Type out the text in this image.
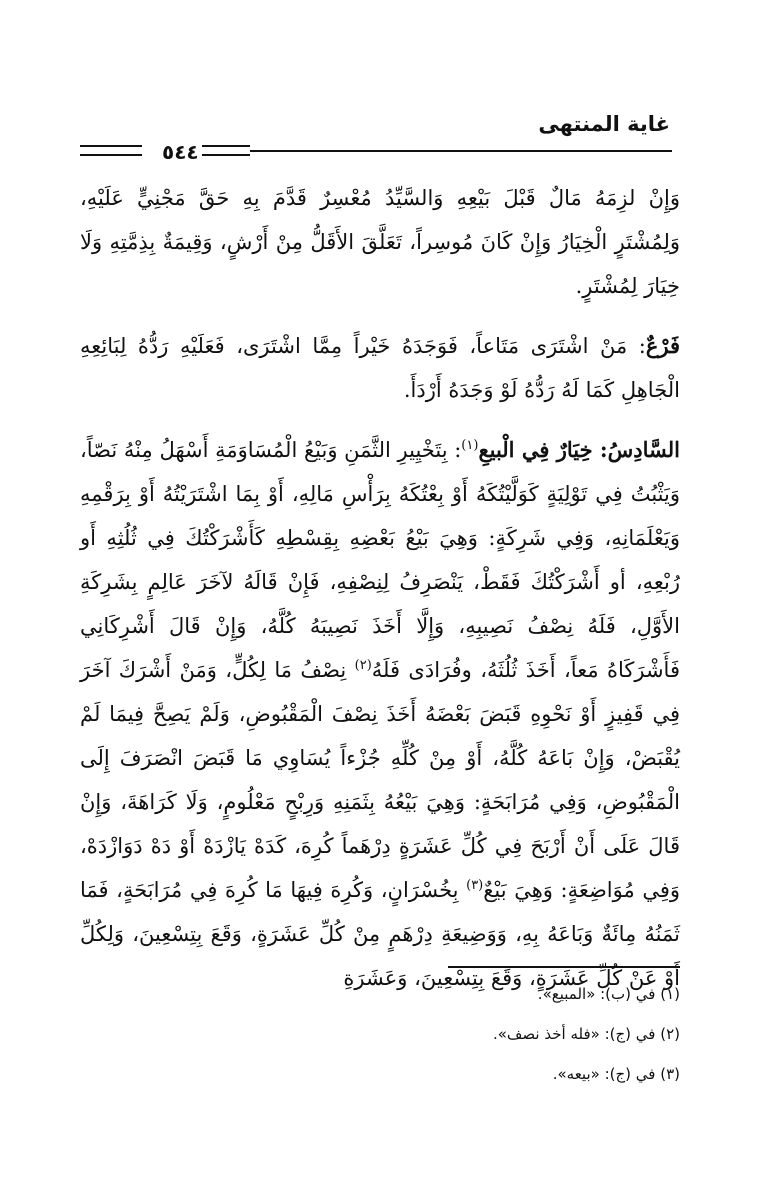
غاية المنتهى
٥٤٤

وَإِنْ لزِمَهُ مَالٌ قَبْلَ بَيْعِهِ وَالسَّيِّدُ مُعْسِرٌ قَدَّمَ بِهِ حَقَّ مَجْنِيٍّ عَلَيْهِ، وَلِمُشْتَرٍ الْخِيَارُ وَإِنْ كَانَ مُوسِراً، تَعَلَّقَ الأَقَلُّ مِنْ أَرْشٍ، وَقِيمَةٌ بِذِمَّتِهِ وَلَا خِيَارَ لِمُشْتَرٍ.

فَرْعٌ: مَنْ اشْتَرَى مَتَاعاً، فَوَجَدَهُ خَيْراً مِمَّا اشْتَرَى، فَعَلَيْهِ رَدُّهُ لِبَائِعِهِ الْجَاهِلِ كَمَا لَهُ رَدُّهُ لَوْ وَجَدَهُ أَرْدَأَ.

السَّادِسُ: خِيَارٌ فِي الْبيعِ$^{(١)}$: بِتَخْيِيرِ الثَّمَنِ وَبَيْعُ الْمُسَاوَمَةِ أَسْهَلُ مِنْهُ نَصّاً، وَيَثْبُتُ فِي تَوْلِيَةٍ كَوَلَّيْتُكَهُ أَوْ بِعْتُكَهُ بِرَأْسِ مَالِهِ، أَوْ بِمَا اشْتَرَيْتُهُ أَوْ بِرَقْمِهِ وَيَعْلَمَانِهِ، وَفِي شَرِكَةٍ: وَهِيَ بَيْعُ بَعْضِهِ بِقِسْطِهِ كَأَشْرَكْتُكَ فِي ثُلُثِهِ أَو رُبْعِهِ، أو أَشْرَكْتُكَ فَقَطْ، يَنْصَرِفُ لِنِصْفِهِ، فَإِنْ قَالَهُ لآخَرَ عَالِمٍ بِشَرِكَةِ الأَوَّلِ، فَلَهُ نِصْفُ نَصِيبِهِ، وَإِلَّا أَخَذَ نَصِيبَهُ كُلَّهُ، وَإِنْ قَالَ أَشْرِكَانِي فَأَشْرَكَاهُ مَعاً، أَخَذَ ثُلُثَهُ، وفُرَادَى فَلَهُ$^{(٢)}$ نِصْفُ مَا لِكُلٍّ، وَمَنْ أَشْرَكَ آخَرَ فِي قَفِيزٍ أَوْ نَحْوِهِ قَبَضَ بَعْضَهُ أَخَذَ نِصْفَ الْمَقْبُوضِ، وَلَمْ يَصِحَّ فِيمَا لَمْ يُقْبَضْ، وَإِنْ بَاعَهُ كُلَّهُ، أَوْ مِنْ كُلِّهِ جُزْءاً يُسَاوِي مَا قَبَضَ انْصَرَفَ إِلَى الْمَقْبُوضِ، وَفِي مُرَابَحَةٍ: وَهِيَ بَيْعُهُ بِثَمَنِهِ وَرِبْحٍ مَعْلُومٍ، وَلَا كَرَاهَةَ، وَإِنْ قَالَ عَلَى أَنْ أَرْبَحَ فِي كُلِّ عَشَرَةٍ دِرْهَماً كُرِهَ، كَدَهْ يَازْدَهْ أَوْ دَهْ دَوَازْدَهْ، وَفِي مُوَاضِعَةٍ: وَهِيَ بَيْعٌ$^{(٣)}$ بِخُسْرَانٍ، وَكُرِهَ فِيهَا مَا كُرِهَ فِي مُرَابَحَةٍ، فَمَا ثَمَنُهُ مِائَةٌ وَبَاعَهُ بِهِ، وَوَضِيعَةِ دِرْهَمٍ مِنْ كُلِّ عَشَرَةٍ، وَقَعَ بِتِسْعِينَ، وَلِكُلِّ أَوْ عَنْ كُلِّ عَشَرَةٍ، وَقَعَ بِتِسْعِينَ، وَعَشَرَةِ

(١) في (ب): «المبيع».
(٢) في (ج): «فله أخذ نصف».
(٣) في (ج): «بيعه».
